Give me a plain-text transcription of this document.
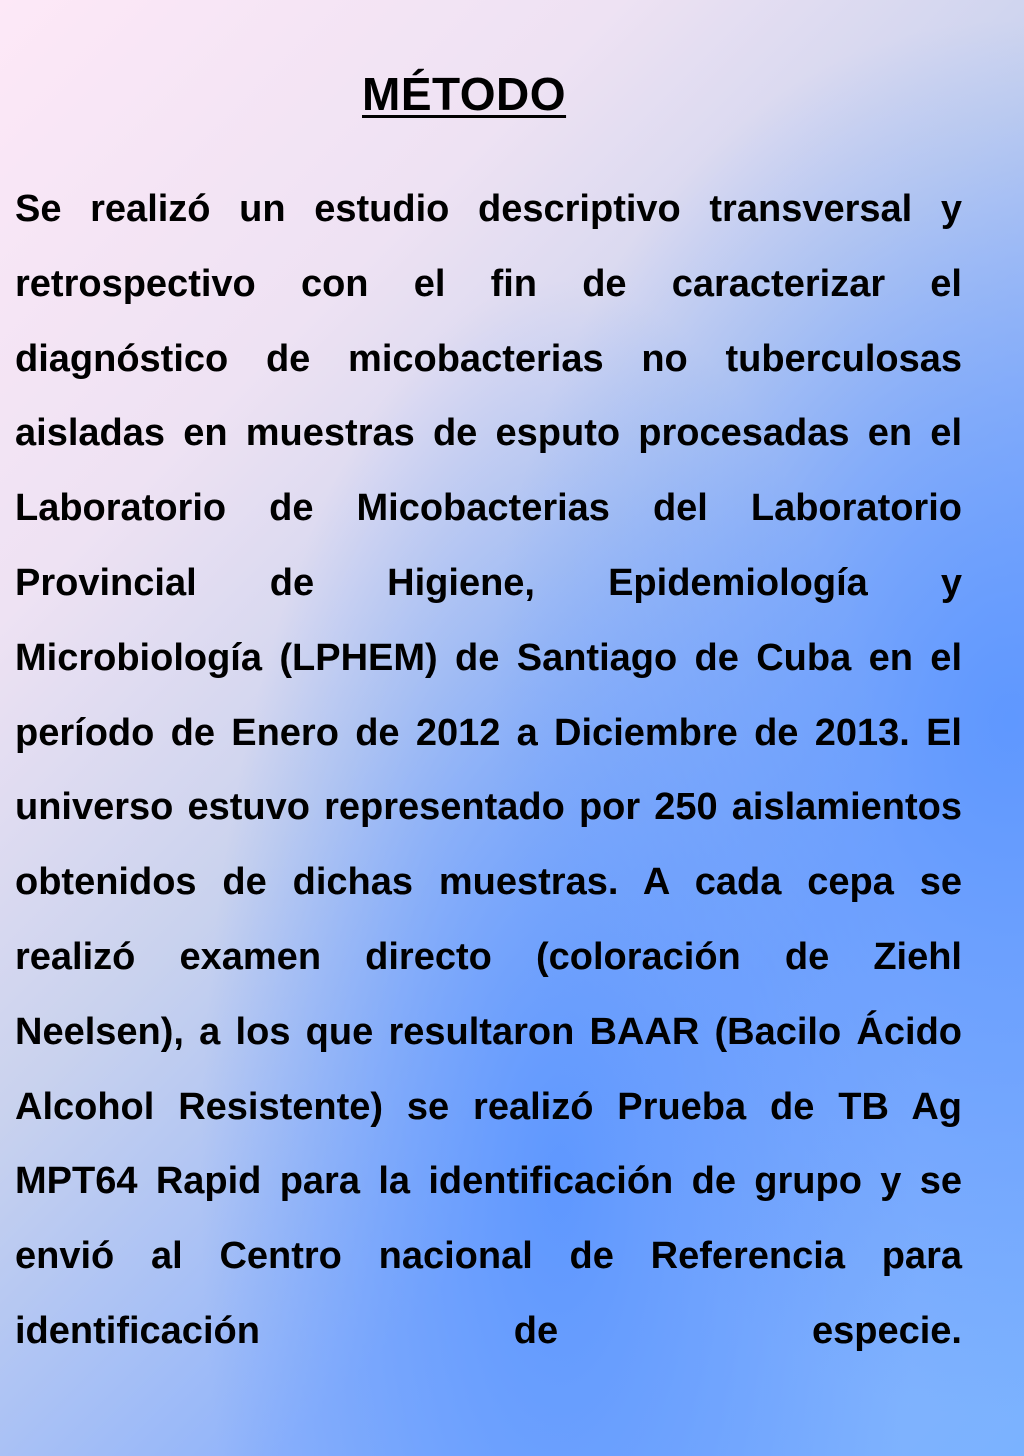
MÉTODO

Se realizó un estudio descriptivo transversal y retrospectivo con el fin de caracterizar el diagnóstico de micobacterias no tuberculosas aisladas en muestras de esputo procesadas en el Laboratorio de Micobacterias del Laboratorio Provincial de Higiene, Epidemiología y Microbiología (LPHEM) de Santiago de Cuba en el período de Enero de 2012 a Diciembre de 2013. El universo estuvo representado por 250 aislamientos obtenidos de dichas muestras. A cada cepa se realizó examen directo (coloración de Ziehl Neelsen), a los que resultaron BAAR (Bacilo Ácido Alcohol Resistente) se realizó Prueba de TB Ag MPT64 Rapid para la identificación de grupo y se envió al Centro nacional de Referencia para identificación de especie.
